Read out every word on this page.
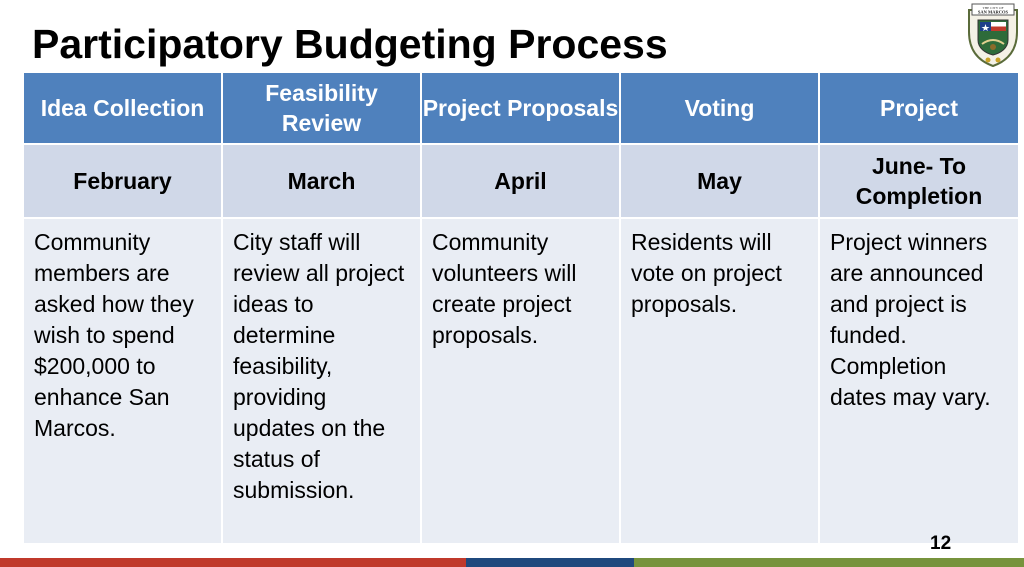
Participatory Budgeting Process
THE CITY OF
SAN MARCOS
Idea Collection	Feasibility Review	Project Proposals	Voting	Project
February	March	April	May	June- To Completion
Community members are asked how they wish to spend $200,000 to enhance San Marcos.	City staff will review all project ideas to determine feasibility, providing updates on the status of submission.	Community volunteers will create project proposals.	Residents will vote on project proposals.	Project winners are announced and project is funded. Completion dates may vary.
12
